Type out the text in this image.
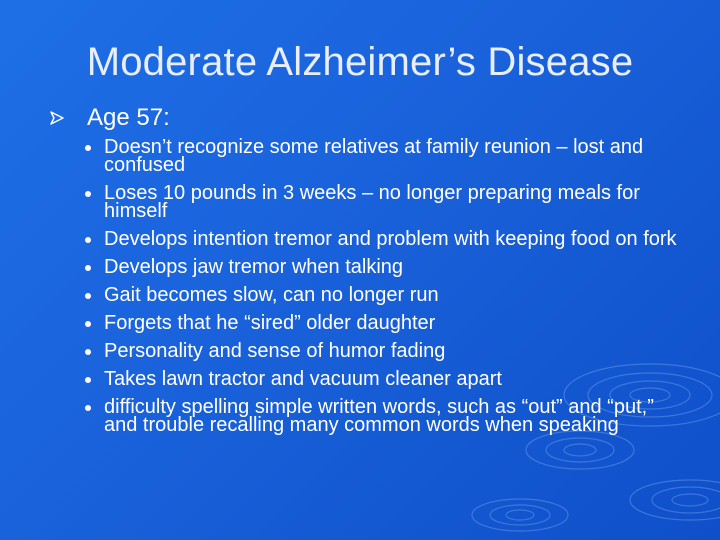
Moderate Alzheimer’s Disease
Age 57:
Doesn’t recognize some relatives at family reunion – lost and confused
Loses 10 pounds in 3 weeks – no longer preparing meals for himself
Develops intention tremor and problem with keeping food on fork
Develops jaw tremor when talking
Gait becomes slow, can no longer run
Forgets that he “sired” older daughter
Personality and sense of humor fading
Takes lawn tractor and vacuum cleaner apart
difficulty spelling simple written words, such as “out” and “put,” and trouble recalling many common words when speaking
